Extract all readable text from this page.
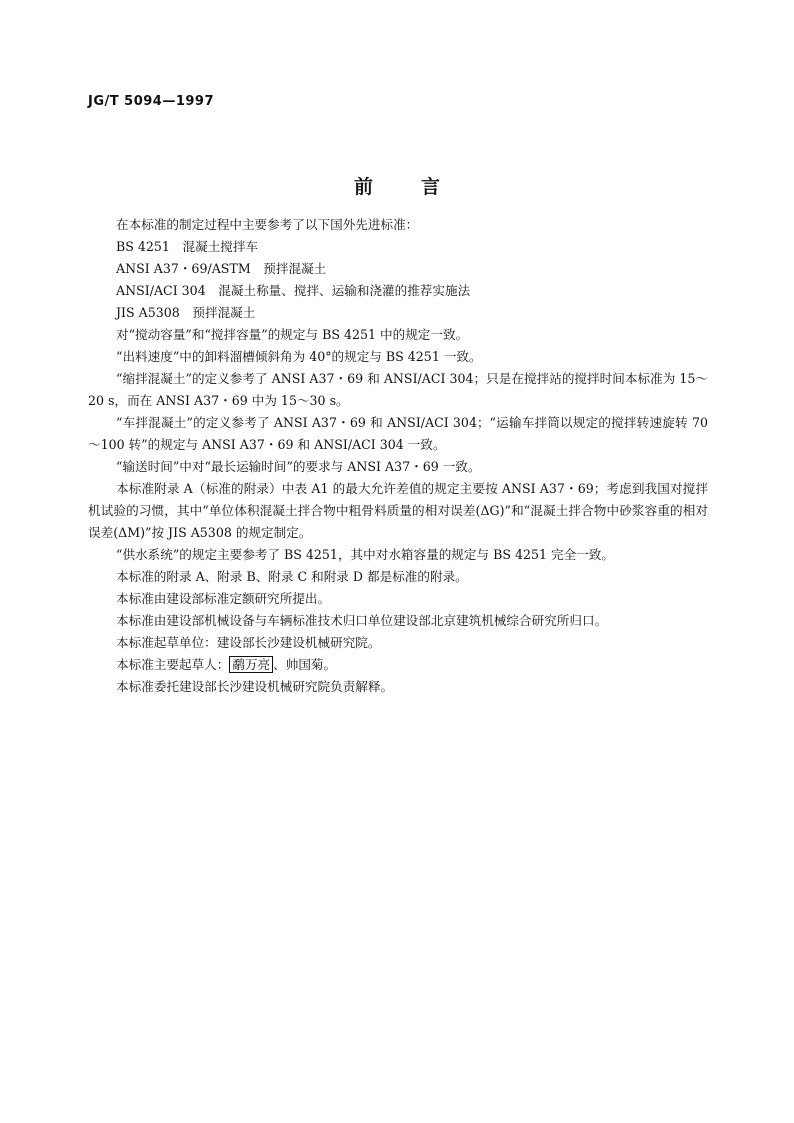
JG/T 5094—1997
前	言

在本标准的制定过程中主要参考了以下国外先进标准：

BS 4251　混凝土搅拌车

ANSI A37・69/ASTM　预拌混凝土

ANSI/ACI 304　混凝土称量、搅拌、运输和浇灌的推荐实施法

JIS A5308　预拌混凝土

对“搅动容量”和“搅拌容量”的规定与 BS 4251 中的规定一致。

“出料速度”中的卸料溜槽倾斜角为 40°的规定与 BS 4251 一致。

“缩拌混凝土”的定义参考了 ANSI A37・69 和 ANSI/ACI 304；只是在搅拌站的搅拌时间本标准为 15～20 s，而在 ANSI A37・69 中为 15～30 s。

“车拌混凝土”的定义参考了 ANSI A37・69 和 ANSI/ACI 304；“运输车拌筒以规定的搅拌转速旋转 70～100 转”的规定与 ANSI A37・69 和 ANSI/ACI 304 一致。

“输送时间”中对“最长运输时间”的要求与 ANSI A37・69 一致。

本标准附录 A（标准的附录）中表 A1 的最大允许差值的规定主要按 ANSI A37・69；考虑到我国对搅拌机试验的习惯，其中“单位体积混凝土拌合物中粗骨料质量的相对误差(ΔG)”和“混凝土拌合物中砂浆容重的相对误差(ΔM)”按 JIS A5308 的规定制定。

“供水系统”的规定主要参考了 BS 4251，其中对水箱容量的规定与 BS 4251 完全一致。

本标准的附录 A、附录 B、附录 C 和附录 D 都是标准的附录。

本标准由建设部标准定额研究所提出。

本标准由建设部机械设备与车辆标准技术归口单位建设部北京建筑机械综合研究所归口。

本标准起草单位：建设部长沙建设机械研究院。

本标准主要起草人： 鹬万亮 、帅国菊。

本标准委托建设部长沙建设机械研究院负责解释。
